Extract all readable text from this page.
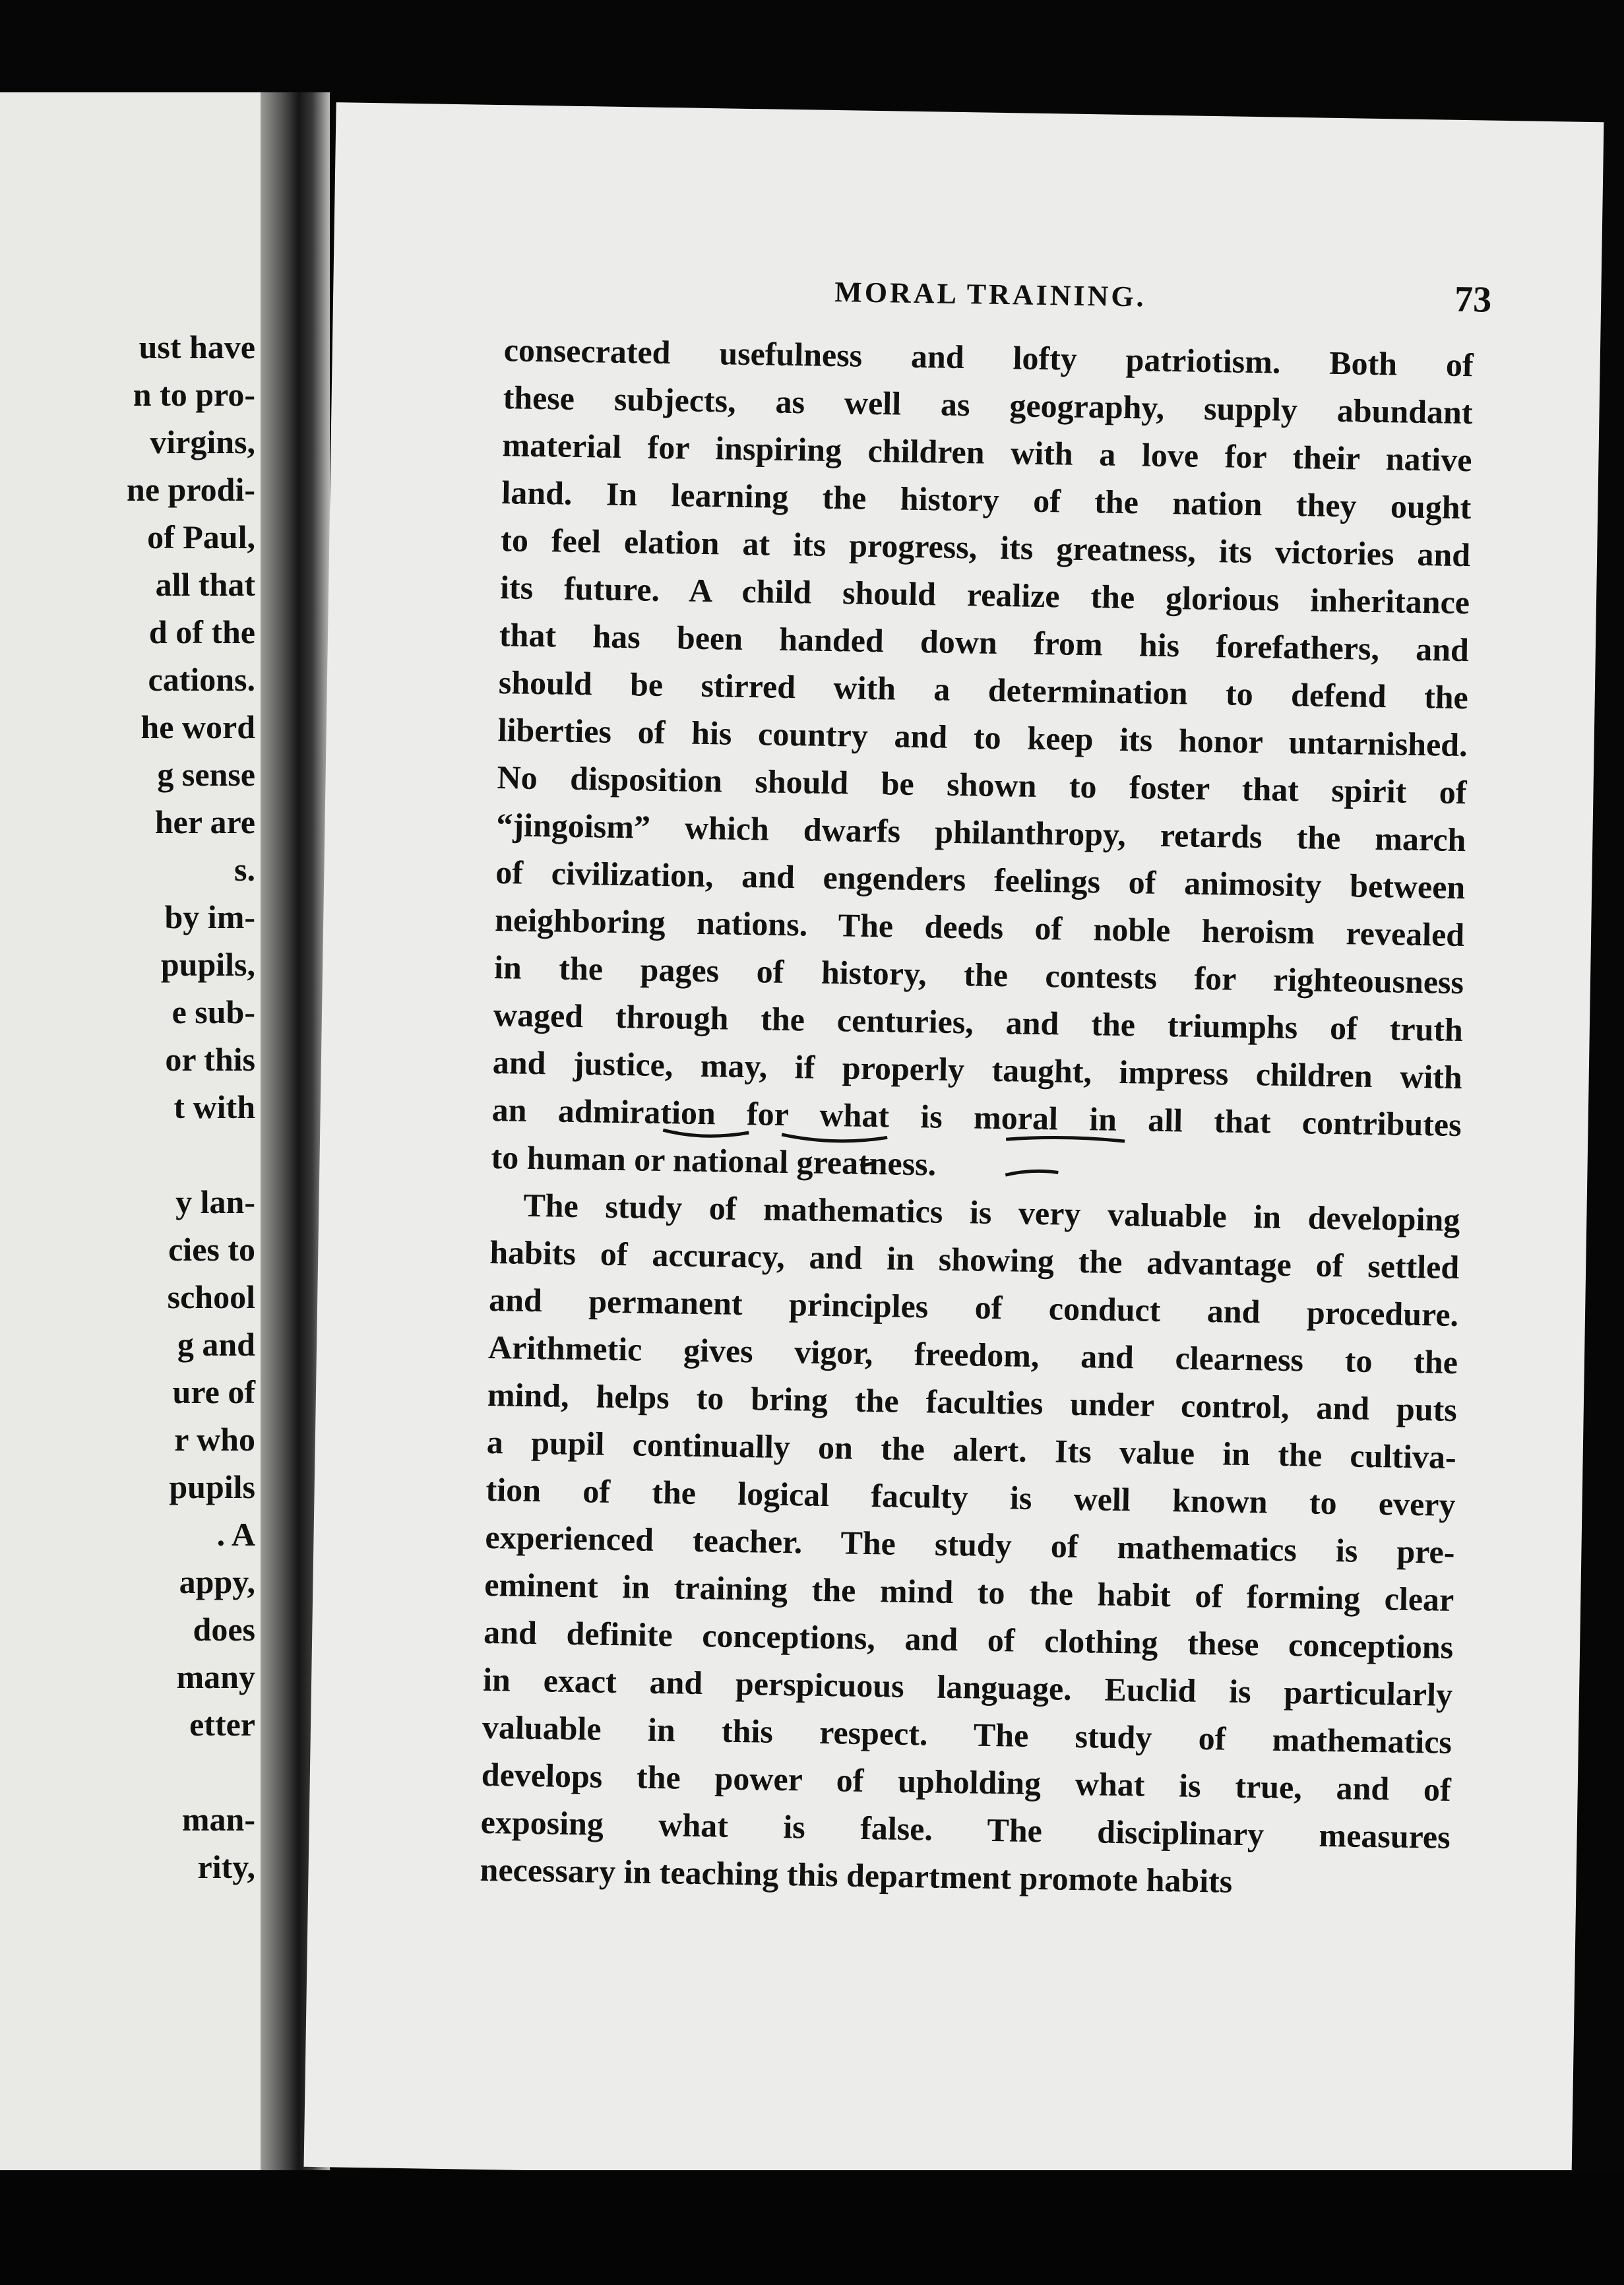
ust have
n to pro-
virgins,
ne prodi-
of Paul,
all that
d of the
cations.
he word
g sense
her are
s.
by im-
pupils,
e sub-
or this
t with
y lan-
cies to
school
g and
ure of
r who
pupils
. A
appy,
does
many
etter
man-
rity,
MORAL TRAINING.	73
consecrated usefulness and lofty patriotism. Both of
these subjects, as well as geography, supply abundant
material for inspiring children with a love for their native
land. In learning the history of the nation they ought
to feel elation at its progress, its greatness, its victories and
its future. A child should realize the glorious inheritance
that has been handed down from his forefathers, and
should be stirred with a determination to defend the
liberties of his country and to keep its honor untarnished.
No disposition should be shown to foster that spirit of
“jingoism” which dwarfs philanthropy, retards the march
of civilization, and engenders feelings of animosity between
neighboring nations. The deeds of noble heroism revealed
in the pages of history, the contests for righteousness
waged through the centuries, and the triumphs of truth
and justice, may, if properly taught, impress children with
an admiration for what is moral in all that contributes
to human or national greatness.
The study of mathematics is very valuable in developing
habits of accuracy, and in showing the advantage of settled
and permanent principles of conduct and procedure.
Arithmetic gives vigor, freedom, and clearness to the
mind, helps to bring the faculties under control, and puts
a pupil continually on the alert. Its value in the cultiva-
tion of the logical faculty is well known to every
experienced teacher. The study of mathematics is pre-
eminent in training the mind to the habit of forming clear
and definite conceptions, and of clothing these conceptions
in exact and perspicuous language. Euclid is particularly
valuable in this respect. The study of mathematics
develops the power of upholding what is true, and of
exposing what is false. The disciplinary measures
necessary in teaching this department promote habits
